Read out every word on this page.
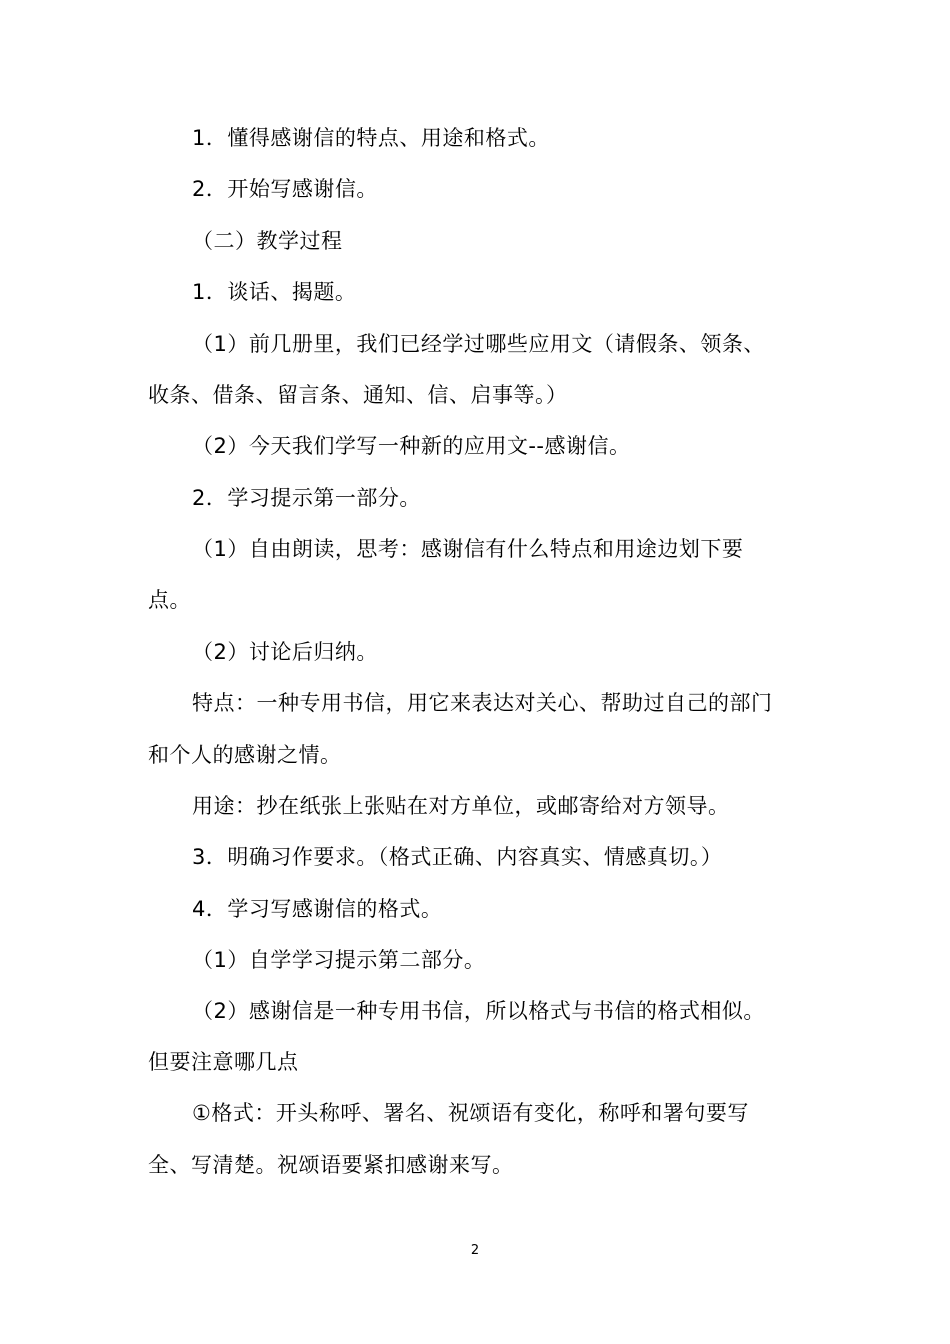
1．懂得感谢信的特点、用途和格式。
2．开始写感谢信。
（二）教学过程
1．谈话、揭题。
（1）前几册里，我们已经学过哪些应用文（请假条、领条、
收条、借条、留言条、通知、信、启事等。）
（2）今天我们学写一种新的应用文--感谢信。
2．学习提示第一部分。
（1）自由朗读，思考：感谢信有什么特点和用途边划下要
点。
（2）讨论后归纳。
特点：一种专用书信，用它来表达对关心、帮助过自己的部门
和个人的感谢之情。
用途：抄在纸张上张贴在对方单位，或邮寄给对方领导。
3．明确习作要求。（格式正确、内容真实、情感真切。）
4．学习写感谢信的格式。
（1）自学学习提示第二部分。
（2）感谢信是一种专用书信，所以格式与书信的格式相似。
但要注意哪几点
①格式：开头称呼、署名、祝颂语有变化，称呼和署句要写
全、写清楚。祝颂语要紧扣感谢来写。
2
